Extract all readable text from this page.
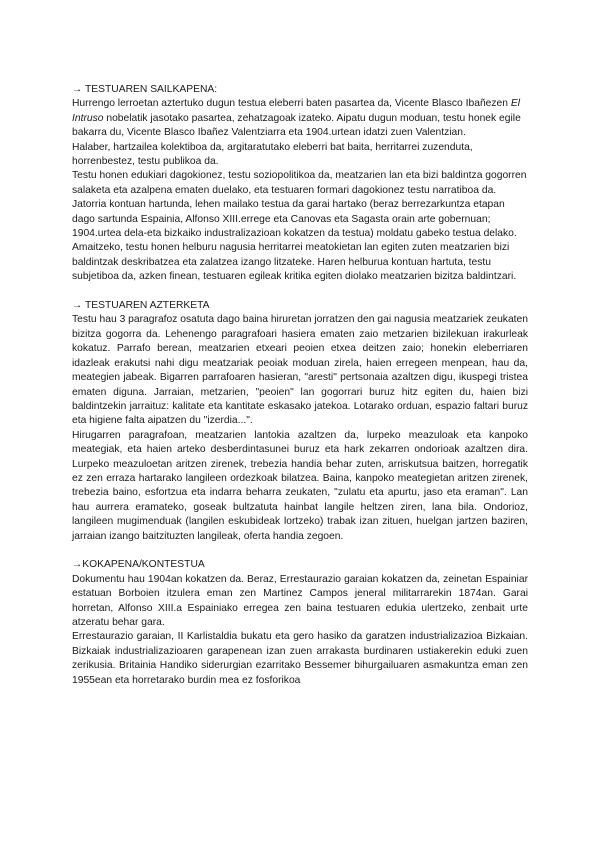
→ TESTUAREN SAILKAPENA:

Hurrengo lerroetan aztertuko dugun testua eleberri baten pasartea da, Vicente Blasco Ibañezen El Intruso nobelatik jasotako pasartea, zehatzagoak izateko. Aipatu dugun moduan, testu honek egile bakarra du, Vicente Blasco Ibañez Valentziarra eta 1904.urtean idatzi zuen Valentzian.

Halaber, hartzailea kolektiboa da, argitaratutako eleberri bat baita, herritarrei zuzenduta, horrenbestez, testu publikoa da.

Testu honen edukiari dagokionez, testu soziopolitikoa da, meatzarien lan eta bizi baldintza gogorren salaketa eta azalpena ematen duelako, eta testuaren formari dagokionez testu narratiboa da.

Jatorria kontuan hartunda, lehen mailako testua da garai hartako (beraz berrezarkuntza etapan dago sartunda Espainia, Alfonso XIII.errege eta Canovas eta Sagasta orain arte gobernuan; 1904.urtea dela-eta bizkaiko industralizazioan kokatzen da testua) moldatu gabeko testua delako. Amaitzeko, testu honen helburu nagusia herritarrei meatokietan lan egiten zuten meatzarien bizi baldintzak deskribatzea eta zalatzea izango litzateke. Haren helburua kontuan hartuta, testu subjetiboa da, azken finean, testuaren egileak kritika egiten diolako meatzarien bizitza baldintzari.

→ TESTUAREN AZTERKETA

Testu hau 3 paragrafoz osatuta dago baina hiruretan jorratzen den gai nagusia meatzariek zeukaten bizitza gogorra da. Lehenengo paragrafoari hasiera ematen zaio metzarien bizilekuan irakurleak kokatuz. Parrafo berean, meatzarien etxeari peoien etxea deitzen zaio; honekin eleberriaren idazleak erakutsi nahi digu meatzariak peoiak moduan zirela, haien erregeen menpean, hau da, meategien jabeak. Bigarren parrafoaren hasieran, "aresti" pertsonaia azaltzen digu, ikuspegi tristea ematen diguna. Jarraian, metzarien, "peoien" lan gogorrari buruz hitz egiten du, haien bizi baldintzekin jarraituz: kalitate eta kantitate eskasako jatekoa. Lotarako orduan, espazio faltari buruz eta higiene falta aipatzen du "izerdia...".

Hirugarren paragrafoan, meatzarien lantokia azaltzen da, lurpeko meazuloak eta kanpoko meategiak, eta haien arteko desberdintasunei buruz eta hark zekarren ondorioak azaltzen dira. Lurpeko meazuloetan aritzen zirenek, trebezia handia behar zuten, arriskutsua baitzen, horregatik ez zen erraza hartarako langileen ordezkoak bilatzea. Baina, kanpoko meategietan aritzen zirenek, trebezia baino, esfortzua eta indarra beharra zeukaten, "zulatu eta apurtu, jaso eta eraman". Lan hau aurrera eramateko, goseak bultzatuta hainbat langile heltzen ziren, lana bila. Ondorioz, langileen mugimenduak (langilen eskubideak lortzeko) trabak izan zituen, huelgan jartzen baziren, jarraian izango baitzituzten langileak, oferta handia zegoen.

→KOKAPENA/KONTESTUA

Dokumentu hau 1904an kokatzen da. Beraz, Errestaurazio garaian kokatzen da, zeinetan Espainiar estatuan Borboien itzulera eman zen Martinez Campos jeneral militarrarekin 1874an. Garai horretan, Alfonso XIII.a Espainiako erregea zen baina testuaren edukia ulertzeko, zenbait urte atzeratu behar gara.

Errestaurazio garaian, II Karlistaldia bukatu eta gero hasiko da garatzen industrializazioa Bizkaian. Bizkaiak industrializazioaren garapenean izan zuen arrakasta burdinaren ustiakerekin eduki zuen zerikusia. Britainia Handiko siderurgian ezarritako Bessemer bihurgailuaren asmakuntza eman zen 1955ean eta horretarako burdin mea ez fosforikoa
